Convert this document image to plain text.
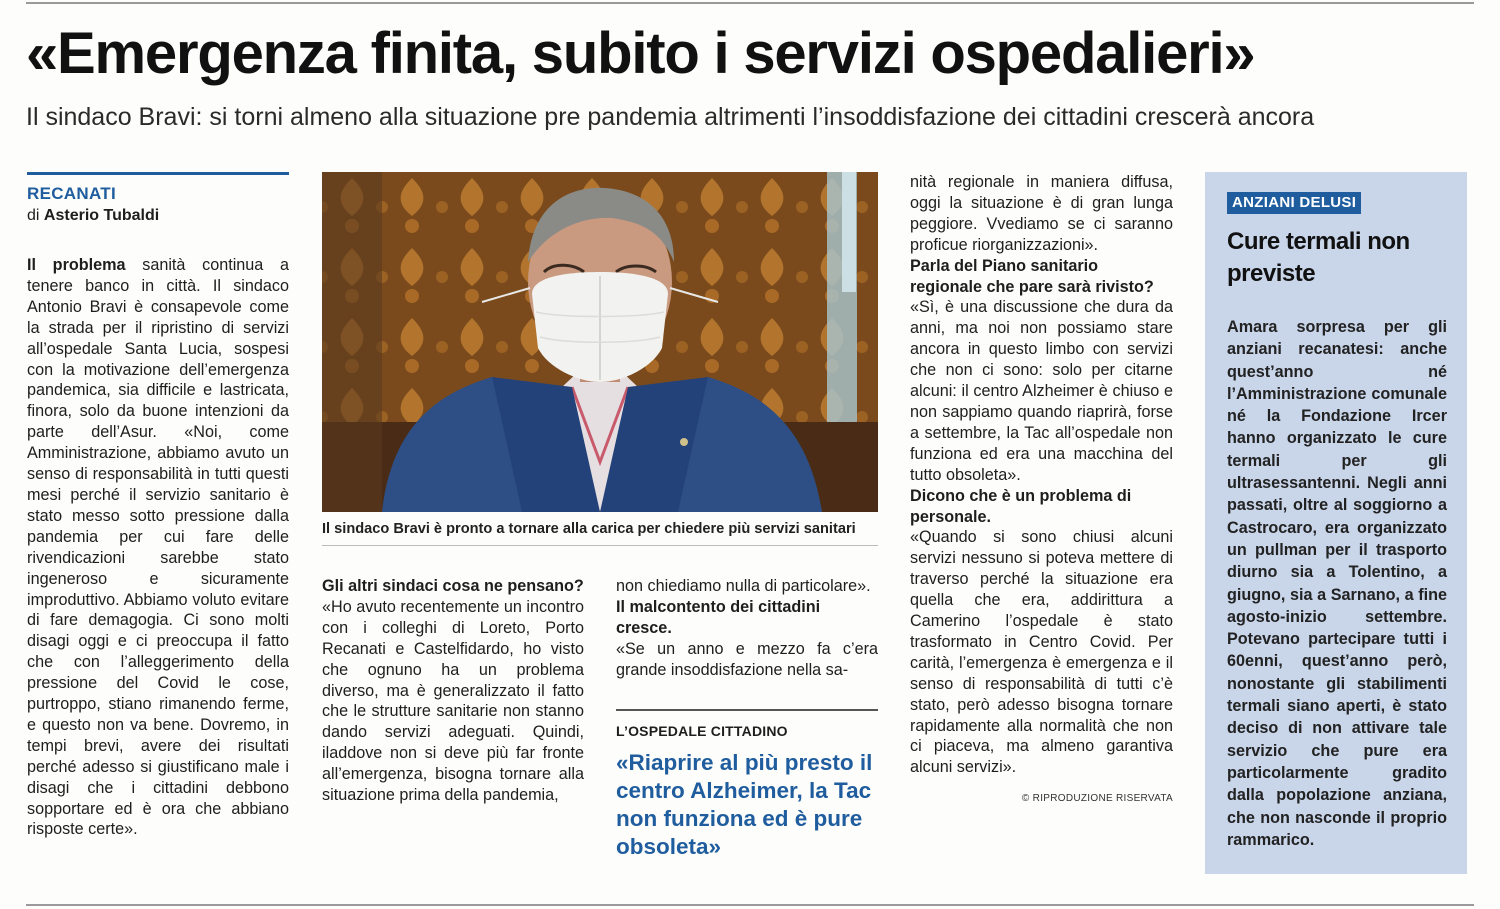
«Emergenza finita, subito i servizi ospedalieri»
Il sindaco Bravi: si torni almeno alla situazione pre pandemia altrimenti l’insoddisfazione dei cittadini crescerà ancora
RECANATI
di Asterio Tubaldi

Il problema sanità continua a tenere banco in città. Il sindaco Antonio Bravi è consapevole come la strada per il ripristino di servizi all’ospedale Santa Lucia, sospesi con la motivazione dell’emergenza pandemica, sia difficile e lastricata, finora, solo da buone intenzioni da parte dell’Asur. «Noi, come Amministrazione, abbiamo avuto un senso di responsabilità in tutti questi mesi perché il servizio sanitario è stato messo sotto pressione dalla pandemia per cui fare delle rivendicazioni sarebbe stato ingeneroso e sicuramente improduttivo. Abbiamo voluto evitare di fare demagogia. Ci sono molti disagi oggi e ci preoccupa il fatto che con l’alleggerimento della pressione del Covid le cose, purtroppo, stiano rimanendo ferme, e questo non va bene. Dovremo, in tempi brevi, avere dei risultati perché adesso si giustificano male i disagi che i cittadini debbono sopportare ed è ora che abbiano risposte certe».

Il sindaco Bravi è pronto a tornare alla carica per chiedere più servizi sanitari

Gli altri sindaci cosa ne pensano?

«Ho avuto recentemente un incontro con i colleghi di Loreto, Porto Recanati e Castelfidardo, ho visto che ognuno ha un problema diverso, ma è generalizzato il fatto che le strutture sanitarie non stanno dando servizi adeguati. Quindi, iladdove non si deve più far fronte all’emergenza, bisogna tornare alla situazione prima della pandemia,

non chiediamo nulla di particolare».

Il malcontento dei cittadini cresce.

«Se un anno e mezzo fa c’era grande insoddisfazione nella sa-

L’OSPEDALE CITTADINO
«Riaprire al più presto il centro Alzheimer, la Tac non funziona ed è pure obsoleta»

nità regionale in maniera diffusa, oggi la situazione è di gran lunga peggiore. Vvediamo se ci saranno proficue riorganizzazioni».

Parla del Piano sanitario regionale che pare sarà rivisto?

«Sì, è una discussione che dura da anni, ma noi non possiamo stare ancora in questo limbo con servizi che non ci sono: solo per citarne alcuni: il centro Alzheimer è chiuso e non sappiamo quando riaprirà, forse a settembre, la Tac all’ospedale non funziona ed era una macchina del tutto obsoleta».

Dicono che è un problema di personale.

«Quando si sono chiusi alcuni servizi nessuno si poteva mettere di traverso perché la situazione era quella che era, addirittura a Camerino l’ospedale è stato trasformato in Centro Covid. Per carità, l’emergenza è emergenza e il senso di responsabilità di tutti c’è stato, però adesso bisogna tornare rapidamente alla normalità che non ci piaceva, ma almeno garantiva alcuni servizi».

© RIPRODUZIONE RISERVATA
ANZIANI DELUSI
Cure termali non previste
Amara sorpresa per gli anziani recanatesi: anche quest’anno né l’Amministrazione comunale né la Fondazione Ircer hanno organizzato le cure termali per gli ultrasessantenni. Negli anni passati, oltre al soggiorno a Castrocaro, era organizzato un pullman per il trasporto diurno sia a Tolentino, a giugno, sia a Sarnano, a fine agosto-inizio settembre. Potevano partecipare tutti i 60enni, quest’anno però, nonostante gli stabilimenti termali siano aperti, è stato deciso di non attivare tale servizio che pure era particolarmente gradito dalla popolazione anziana, che non nasconde il proprio rammarico.
